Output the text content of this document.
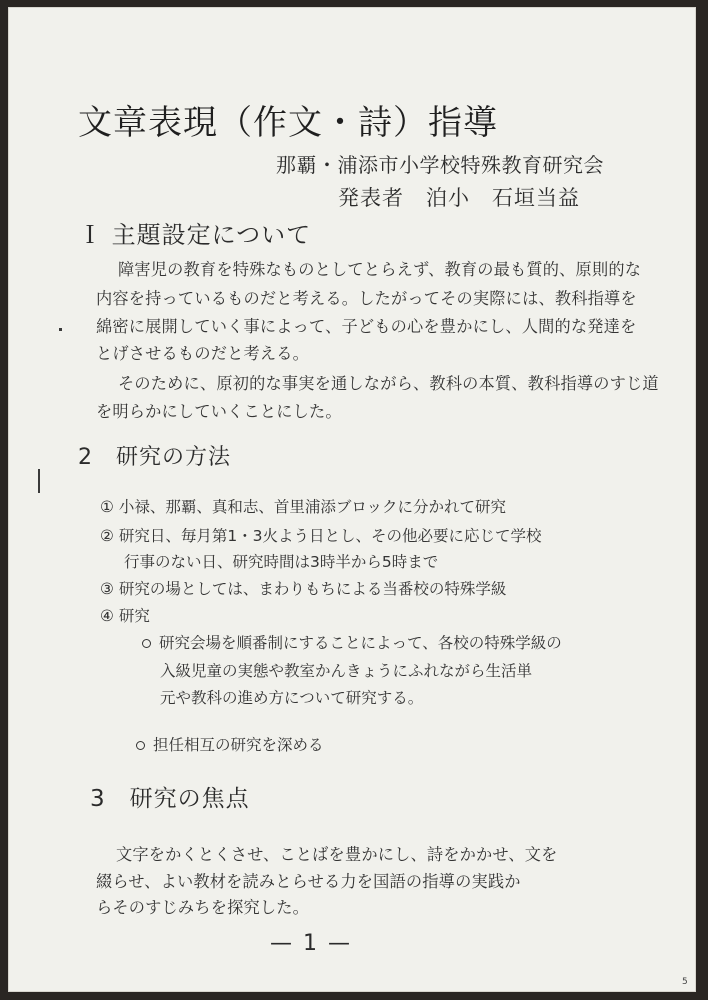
文章表現（作文・詩）指導
那覇・浦添市小学校特殊教育研究会
発表者　泊小　石垣当益
Ｉ 主題設定について
障害児の教育を特殊なものとしてとらえず、教育の最も質的、原則的な
内容を持っているものだと考える。したがってその実際には、教科指導を
綿密に展開していく事によって、子どもの心を豊かにし、人間的な発達を
とげさせるものだと考える。
そのために、原初的な事実を通しながら、教科の本質、教科指導のすじ道
を明らかにしていくことにした。
2　研究の方法
① 小禄、那覇、真和志、首里浦添ブロックに分かれて研究
② 研究日、毎月第1・3火よう日とし、その他必要に応じて学校
行事のない日、研究時間は3時半から5時まで
③ 研究の場としては、まわりもちによる当番校の特殊学級
④ 研究
研究会場を順番制にすることによって、各校の特殊学級の
入級児童の実態や教室かんきょうにふれながら生活単
元や教科の進め方について研究する。
担任相互の研究を深める
3　研究の焦点
文字をかくとくさせ、ことばを豊かにし、詩をかかせ、文を
綴らせ、よい教材を読みとらせる力を国語の指導の実践か
らそのすじみちを探究した。
— 1 —
5
